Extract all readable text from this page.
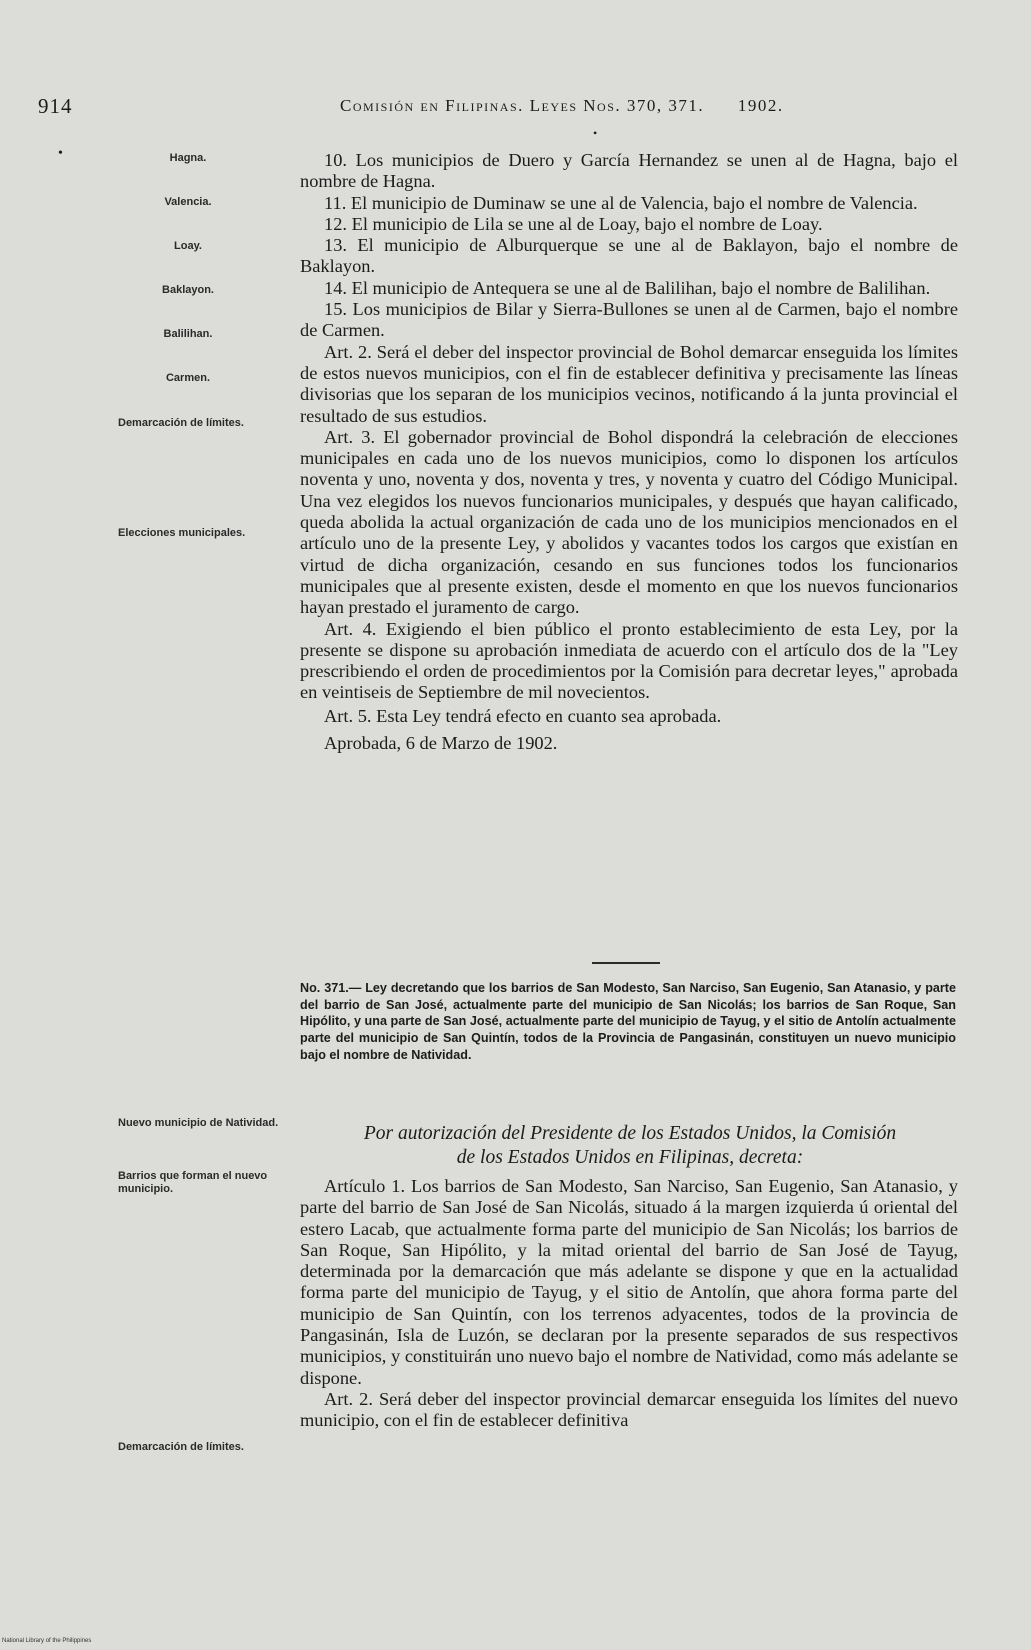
914	Comisión en Filipinas. Leyes Nos. 370, 371. 1902.
•
•
Hagna.
Valencia.
Loay.
Baklayon.
Balilihan.
Carmen.
Demarcación de límites.
Elecciones municipales.
Nuevo municipio de Natividad.
Barrios que forman el nuevo municipio.
Demarcación de límites.

10. Los municipios de Duero y García Hernandez se unen al de Hagna, bajo el nombre de Hagna.

11. El municipio de Duminaw se une al de Valencia, bajo el nombre de Valencia.

12. El municipio de Lila se une al de Loay, bajo el nombre de Loay.

13. El municipio de Alburquerque se une al de Baklayon, bajo el nombre de Baklayon.

14. El municipio de Antequera se une al de Balilihan, bajo el nombre de Balilihan.

15. Los municipios de Bilar y Sierra-Bullones se unen al de Carmen, bajo el nombre de Carmen.

Art. 2. Será el deber del inspector provincial de Bohol demarcar enseguida los límites de estos nuevos municipios, con el fin de establecer definitiva y precisamente las líneas divisorias que los separan de los municipios vecinos, notificando á la junta provincial el resultado de sus estudios.

Art. 3. El gobernador provincial de Bohol dispondrá la celebración de elecciones municipales en cada uno de los nuevos municipios, como lo disponen los artículos noventa y uno, noventa y dos, noventa y tres, y noventa y cuatro del Código Municipal. Una vez elegidos los nuevos funcionarios municipales, y después que hayan calificado, queda abolida la actual organización de cada uno de los municipios mencionados en el artículo uno de la presente Ley, y abolidos y vacantes todos los cargos que existían en virtud de dicha organización, cesando en sus funciones todos los funcionarios municipales que al presente existen, desde el momento en que los nuevos funcionarios hayan prestado el juramento de cargo.

Art. 4. Exigiendo el bien público el pronto establecimiento de esta Ley, por la presente se dispone su aprobación inmediata de acuerdo con el artículo dos de la "Ley prescribiendo el orden de procedimientos por la Comisión para decretar leyes," aprobada en veintiseis de Septiembre de mil novecientos.

Art. 5. Esta Ley tendrá efecto en cuanto sea aprobada.

Aprobada, 6 de Marzo de 1902.

No. 371.— Ley decretando que los barrios de San Modesto, San Narciso, San Eugenio, San Atanasio, y parte del barrio de San José, actualmente parte del municipio de San Nicolás; los barrios de San Roque, San Hipólito, y una parte de San José, actualmente parte del municipio de Tayug, y el sitio de Antolín actualmente parte del municipio de San Quintín, todos de la Provincia de Pangasinán, constituyen un nuevo municipio bajo el nombre de Natividad.
Por autorización del Presidente de los Estados Unidos, la Comisión
de los Estados Unidos en Filipinas, decreta:

Artículo 1. Los barrios de San Modesto, San Narciso, San Eugenio, San Atanasio, y parte del barrio de San José de San Nicolás, situado á la margen izquierda ú oriental del estero Lacab, que actualmente forma parte del municipio de San Nicolás; los barrios de San Roque, San Hipólito, y la mitad oriental del barrio de San José de Tayug, determinada por la demarcación que más adelante se dispone y que en la actualidad forma parte del municipio de Tayug, y el sitio de Antolín, que ahora forma parte del municipio de San Quintín, con los terrenos adyacentes, todos de la provincia de Pangasinán, Isla de Luzón, se declaran por la presente separados de sus respectivos municipios, y constituirán uno nuevo bajo el nombre de Natividad, como más adelante se dispone.

Art. 2. Será deber del inspector provincial demarcar enseguida los límites del nuevo municipio, con el fin de establecer definitiva

National Library of the Philippines
